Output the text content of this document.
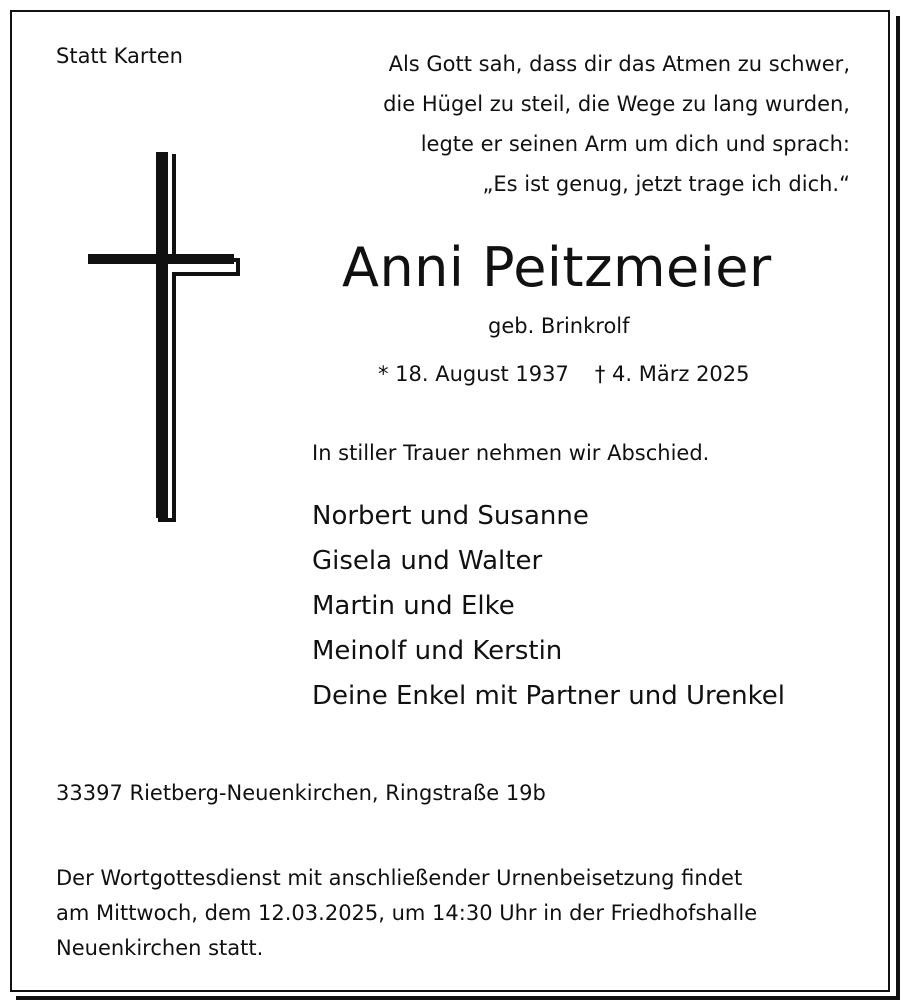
Statt Karten	Als Gott sah, dass dir das Atmen zu schwer,
die Hügel zu steil, die Wege zu lang wurden,
legte er seinen Arm um dich und sprach:
„Es ist genug, jetzt trage ich dich.“
Anni Peitzmeier
geb. Brinkrolf
* 18. August 1937 † 4. März 2025
In stiller Trauer nehmen wir Abschied.
Norbert und Susanne
Gisela und Walter
Martin und Elke
Meinolf und Kerstin
Deine Enkel mit Partner und Urenkel
33397 Rietberg-Neuenkirchen, Ringstraße 19b
Der Wortgottesdienst mit anschließender Urnenbeisetzung findet
am Mittwoch, dem 12.03.2025, um 14:30 Uhr in der Friedhofshalle
Neuenkirchen statt.
